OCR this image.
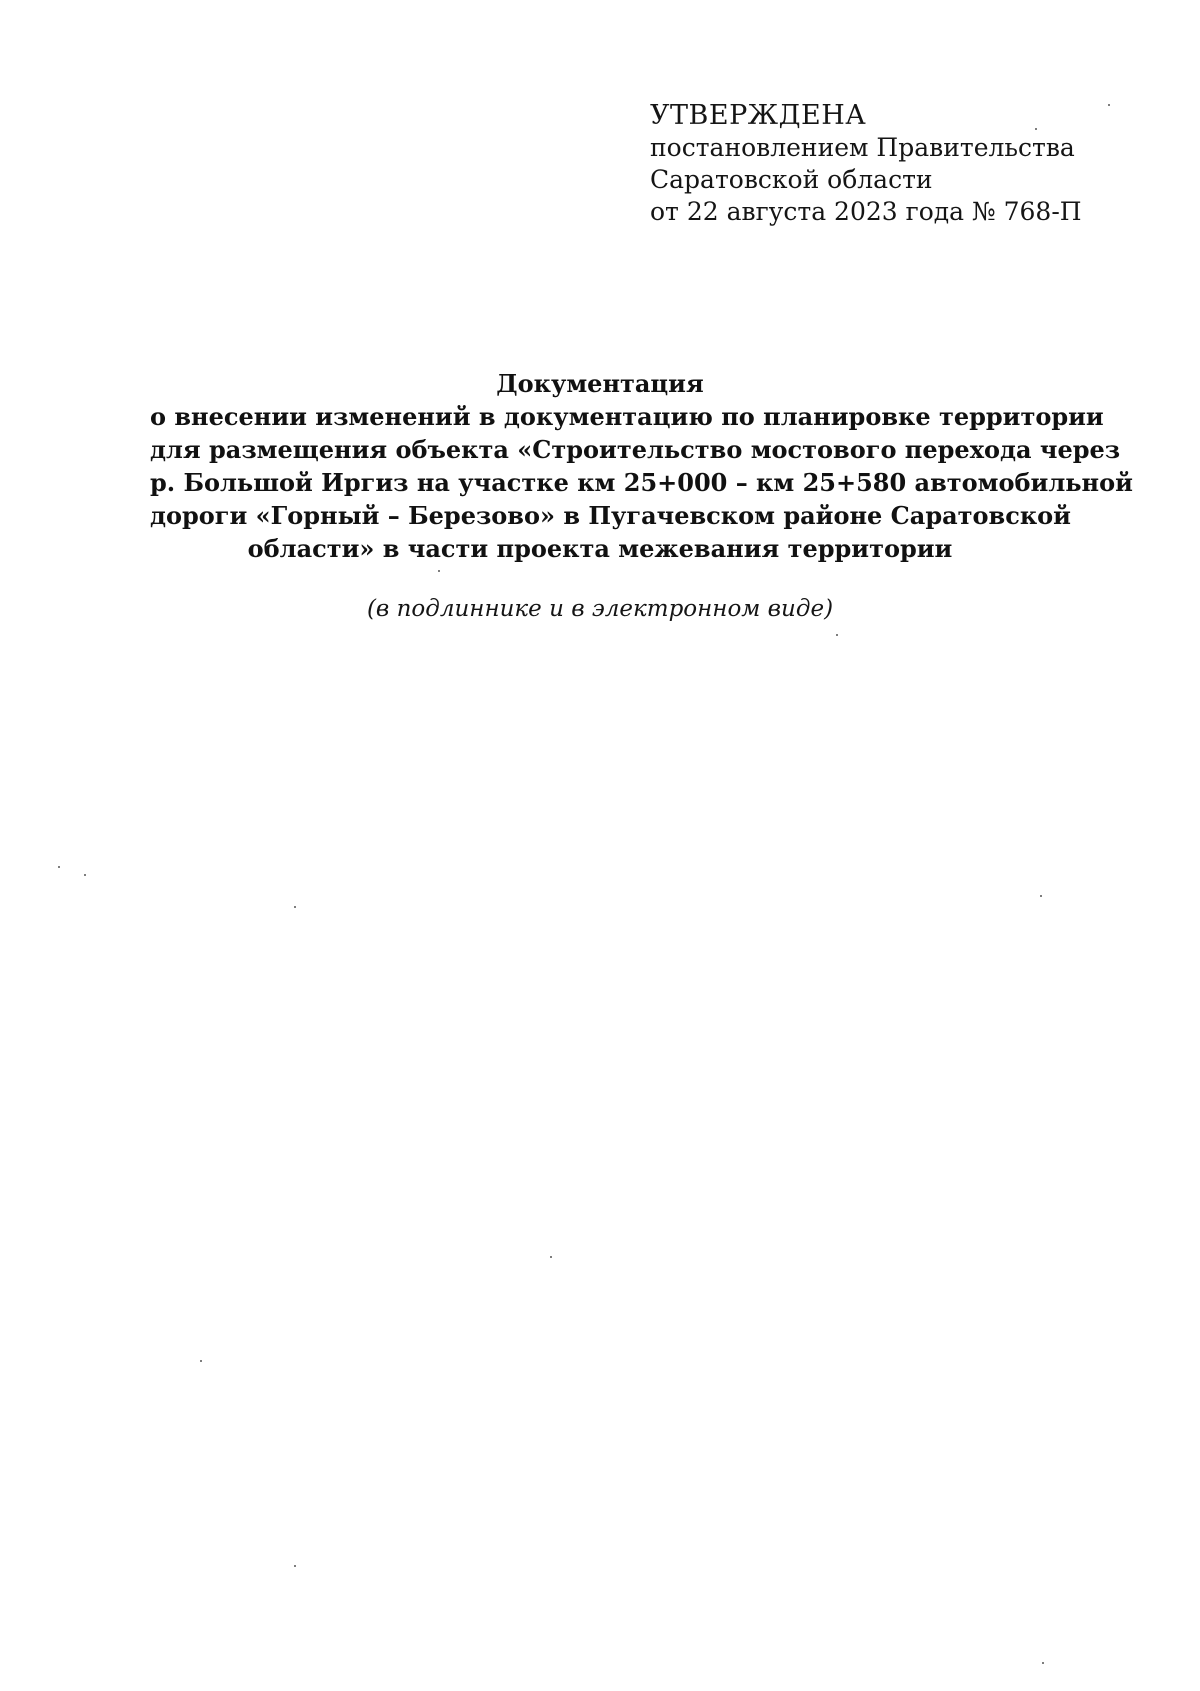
УТВЕРЖДЕНА
постановлением Правительства
Саратовской области
от 22 августа 2023 года № 768-П
Документация
о внесении изменений в документацию по планировке территории
для размещения объекта «Строительство мостового перехода через
р. Большой Иргиз на участке км 25+000 – км 25+580 автомобильной
дороги «Горный – Березово» в Пугачевском районе Саратовской
области» в части проекта межевания территории
(в подлиннике и в электронном виде)
